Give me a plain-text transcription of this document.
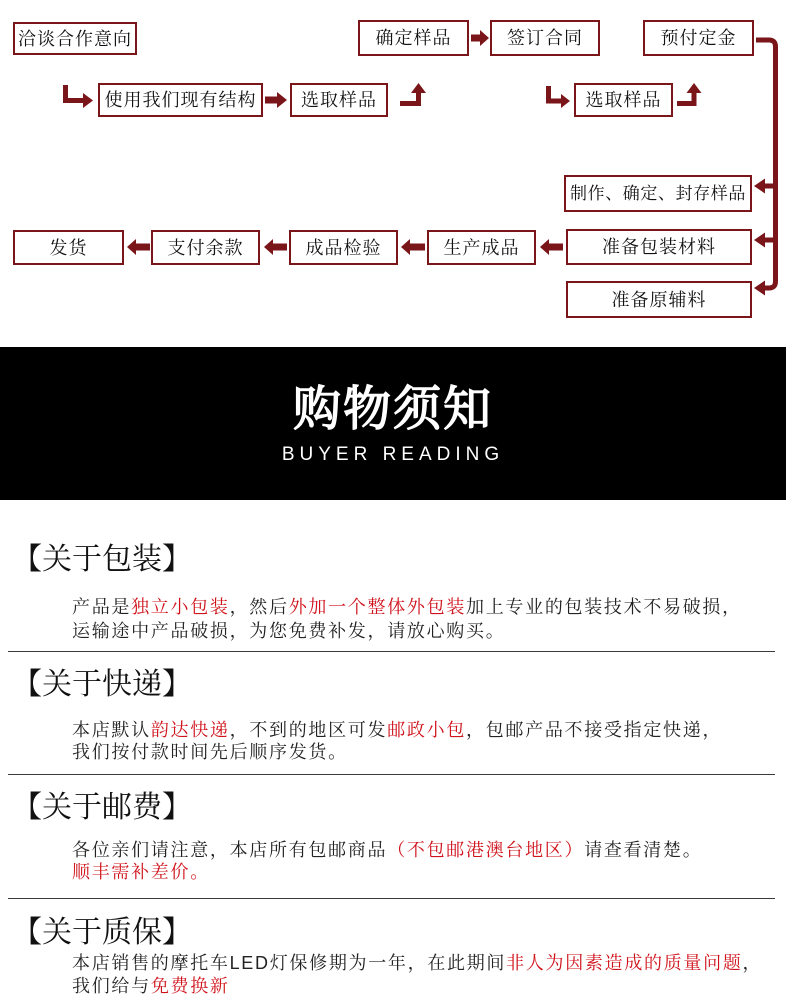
洽谈合作意向	确定样品	签订合同	预付定金
使用我们现有结构	选取样品	选取样品
制作、确定、封存样品
准备包装材料
准备原辅料
发货	支付余款	成品检验	生产成品
购物须知
BUYER READING
【关于包装】

产品是 独立小包装 ，然后 外加一个整体外包装 加上专业的包装技术不易破损，

运输途中产品破损，为您免费补发，请放心购买。

【关于快递】

本店默认 韵达快递 ，不到的地区可发 邮政小包 ，包邮产品不接受指定快递，

我们按付款时间先后顺序发货。

【关于邮费】

各位亲们请注意，本店所有包邮商品 （不包邮港澳台地区） 请查看清楚。

顺丰需补差价。

【关于质保】

本店销售的摩托车LED灯保修期为一年，在此期间 非人为因素造成的质量问题 ，

我们给与 免费换新
